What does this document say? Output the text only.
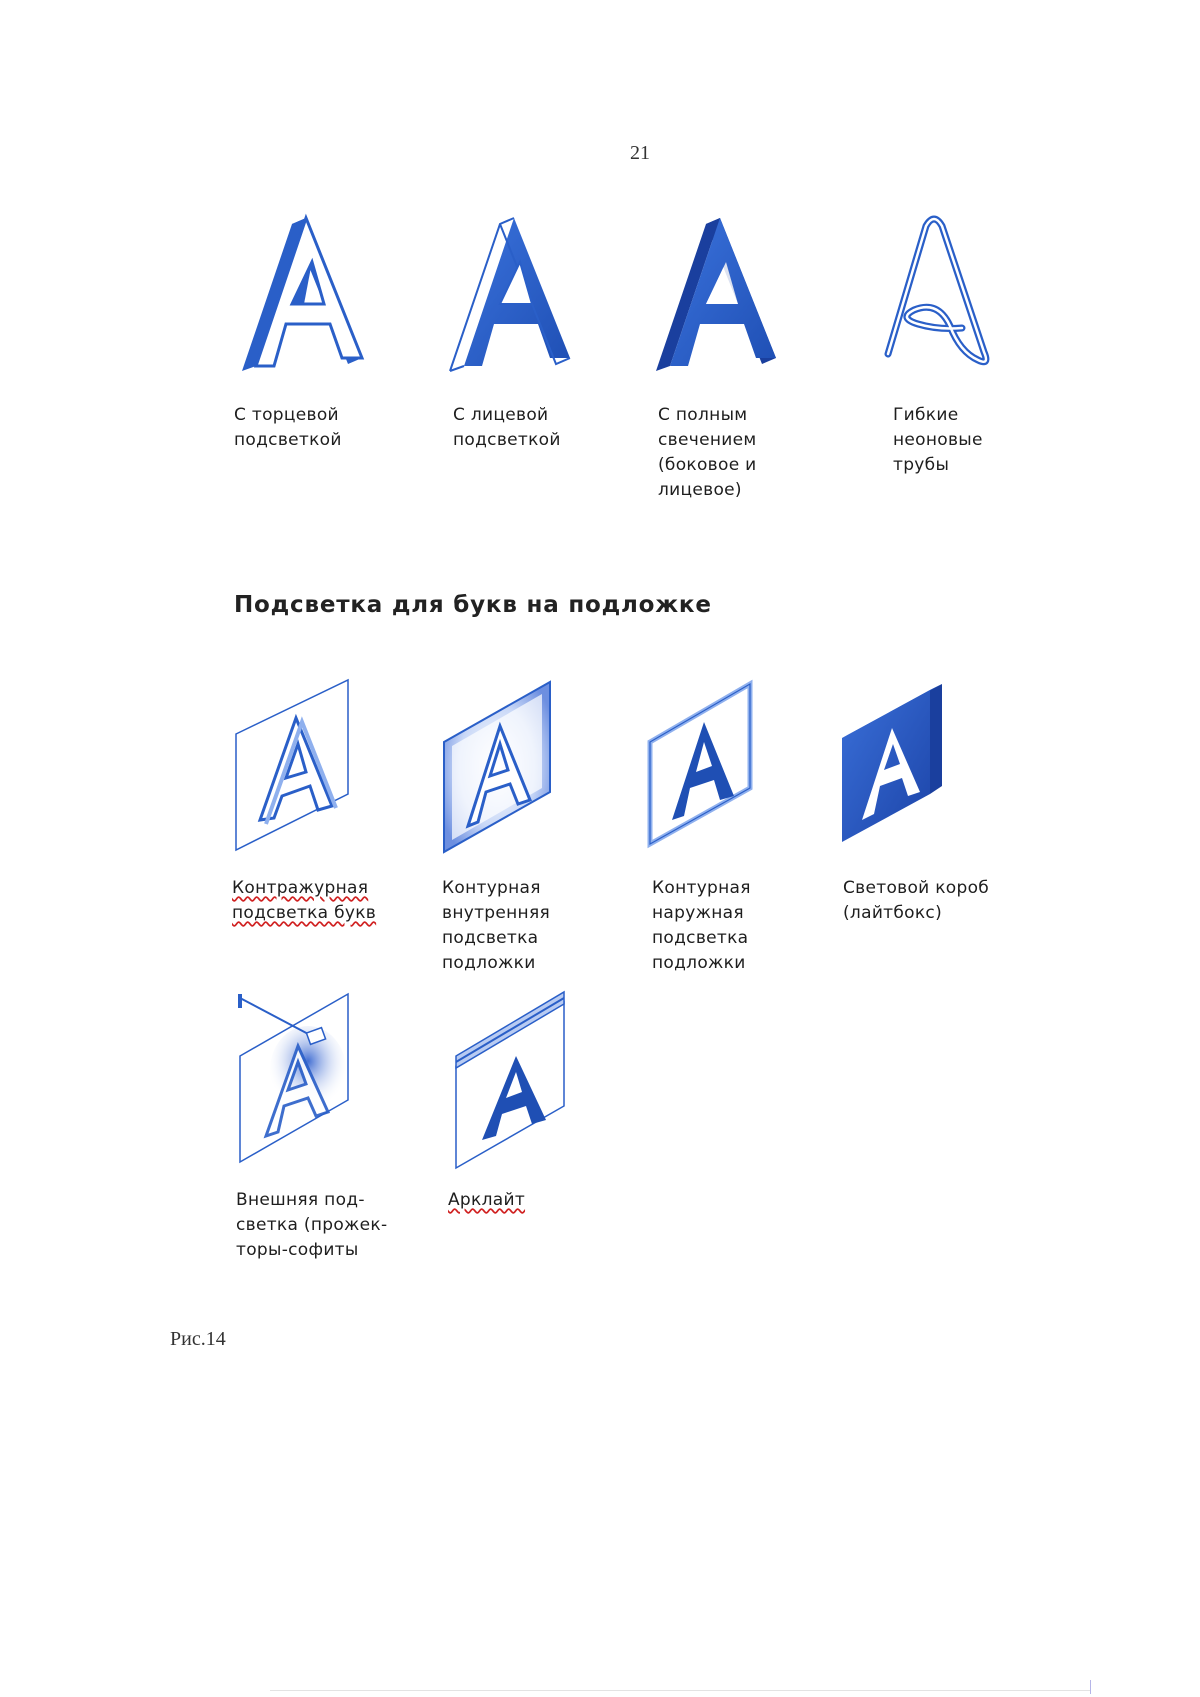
21
С торцевой
подсветкой
С лицевой
подсветкой
С полным
свечением
(боковое и
лицевое)
Гибкие
неоновые
трубы
Подсветка для букв на подложке
Контражурная
подсветка букв
Контурная
внутренняя
подсветка
подложки
Контурная
наружная
подсветка
подложки
Световой короб
(лайтбокс)
Внешняя под-
светка (прожек-
торы-софиты
Арклайт
Рис.14
